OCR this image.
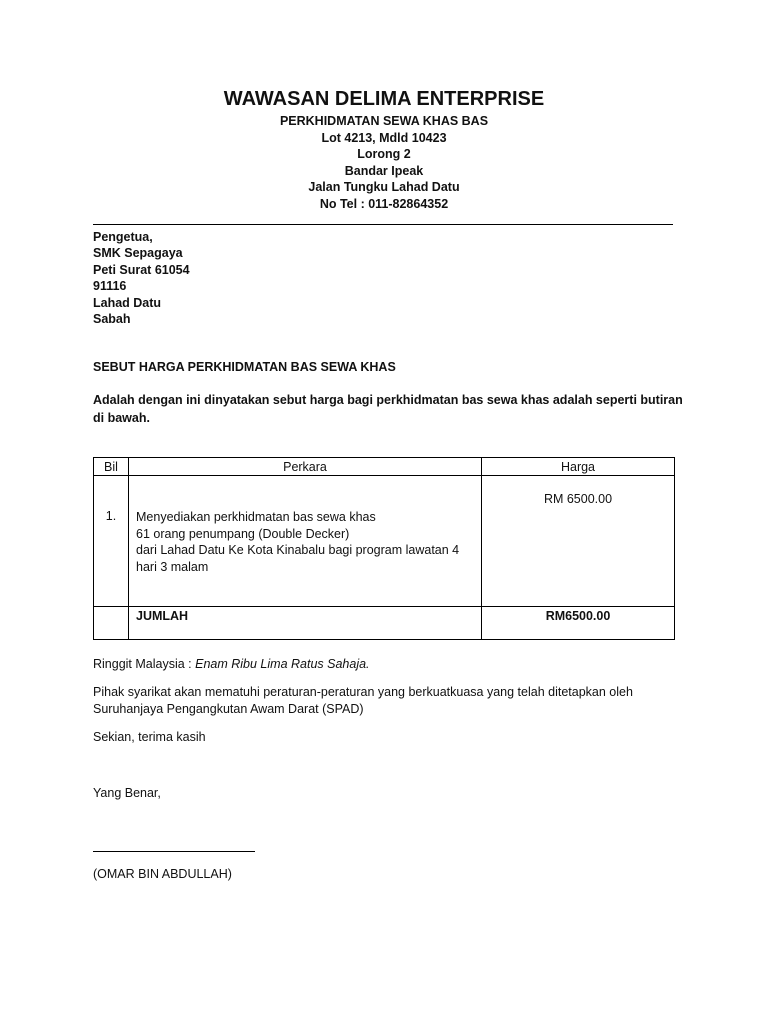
WAWASAN DELIMA ENTERPRISE
PERKHIDMATAN SEWA KHAS BAS
Lot 4213, Mdld 10423
Lorong 2
Bandar Ipeak
Jalan Tungku Lahad Datu
No Tel : 011-82864352
Pengetua,
SMK Sepagaya
Peti Surat 61054
91116
Lahad Datu
Sabah
SEBUT HARGA PERKHIDMATAN BAS SEWA KHAS
Adalah dengan ini dinyatakan sebut harga bagi perkhidmatan bas sewa khas adalah seperti butiran di bawah.
Bil	Perkara	Harga

1.	Menyediakan perkhidmatan bas sewa khas
61 orang penumpang (Double Decker)
dari Lahad Datu Ke Kota Kinabalu bagi program lawatan 4
hari 3 malam	RM 6500.00

	JUMLAH	RM6500.00
Ringgit Malaysia : Enam Ribu Lima Ratus Sahaja.
Pihak syarikat akan mematuhi peraturan-peraturan yang berkuatkuasa yang telah ditetapkan oleh Suruhanjaya Pengangkutan Awam Darat (SPAD)
Sekian, terima kasih
Yang Benar,
(OMAR BIN ABDULLAH)
